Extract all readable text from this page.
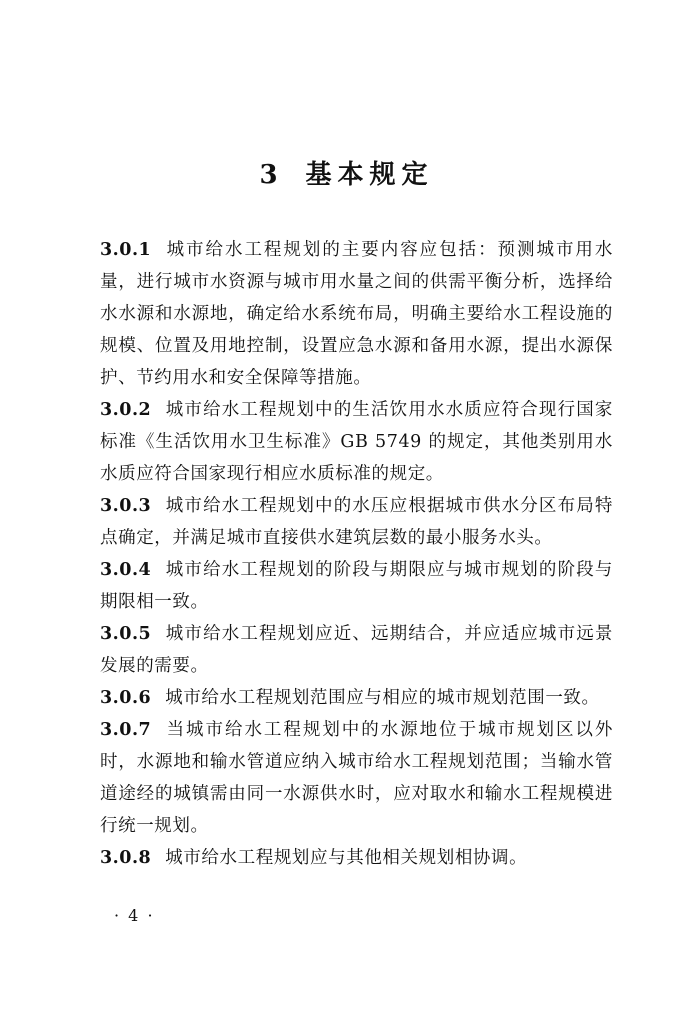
3 基本规定

3.0.1 城市给水工程规划的主要内容应包括：预测城市用水量，进行城市水资源与城市用水量之间的供需平衡分析，选择给水水源和水源地，确定给水系统布局，明确主要给水工程设施的规模、位置及用地控制，设置应急水源和备用水源，提出水源保护、节约用水和安全保障等措施。

3.0.2 城市给水工程规划中的生活饮用水水质应符合现行国家标准《生活饮用水卫生标准》GB 5749 的规定，其他类别用水水质应符合国家现行相应水质标准的规定。

3.0.3 城市给水工程规划中的水压应根据城市供水分区布局特点确定，并满足城市直接供水建筑层数的最小服务水头。

3.0.4 城市给水工程规划的阶段与期限应与城市规划的阶段与期限相一致。

3.0.5 城市给水工程规划应近、远期结合，并应适应城市远景发展的需要。

3.0.6 城市给水工程规划范围应与相应的城市规划范围一致。

3.0.7 当城市给水工程规划中的水源地位于城市规划区以外时，水源地和输水管道应纳入城市给水工程规划范围；当输水管道途经的城镇需由同一水源供水时，应对取水和输水工程规模进行统一规划。

3.0.8 城市给水工程规划应与其他相关规划相协调。

· 4 ·
